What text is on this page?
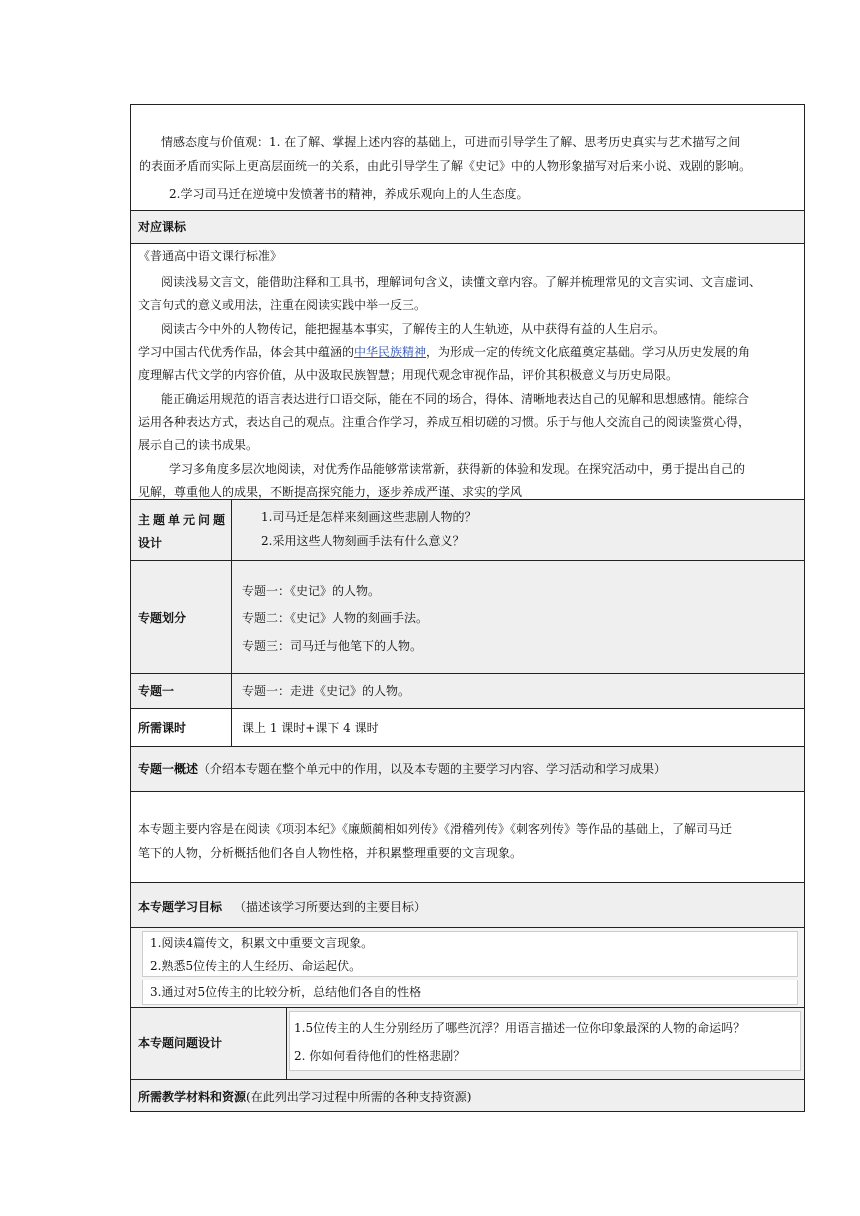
情感态度与价值观：1. 在了解、掌握上述内容的基础上，可进而引导学生了解、思考历史真实与艺术描写之间
的表面矛盾而实际上更高层面统一的关系，由此引导学生了解《史记》中的人物形象描写对后来小说、戏剧的影响。
2.学习司马迁在逆境中发愤著书的精神，养成乐观向上的人生态度。
对应课标
《普通高中语文课行标准》
阅读浅易文言文，能借助注释和工具书，理解词句含义，读懂文章内容。了解并梳理常见的文言实词、文言虚词、
文言句式的意义或用法，注重在阅读实践中举一反三。
阅读古今中外的人物传记，能把握基本事实，了解传主的人生轨迹，从中获得有益的人生启示。
学习中国古代优秀作品，体会其中蕴涵的中华民族精神，为形成一定的传统文化底蕴奠定基础。学习从历史发展的角
度理解古代文学的内容价值，从中汲取民族智慧；用现代观念审视作品，评价其积极意义与历史局限。
能正确运用规范的语言表达进行口语交际，能在不同的场合，得体、清晰地表达自己的见解和思想感情。能综合
运用各种表达方式，表达自己的观点。注重合作学习，养成互相切磋的习惯。乐于与他人交流自己的阅读鉴赏心得，
展示自己的读书成果。
学习多角度多层次地阅读，对优秀作品能够常读常新，获得新的体验和发现。在探究活动中，勇于提出自己的
见解，尊重他人的成果，不断提高探究能力，逐步养成严谨、求实的学风
主题单元问题
设计
1.司马迁是怎样来刻画这些悲剧人物的？
2.采用这些人物刻画手法有什么意义？
专题划分
专题一：《史记》的人物。
专题二：《史记》人物的刻画手法。
专题三：司马迁与他笔下的人物。
专题一	专题一：走进《史记》的人物。
所需课时	课上 1 课时+课下 4 课时
专题一概述（介绍本专题在整个单元中的作用，以及本专题的主要学习内容、学习活动和学习成果）
本专题主要内容是在阅读《项羽本纪》《廉颇蔺相如列传》《滑稽列传》《刺客列传》等作品的基础上，了解司马迁
笔下的人物，分析概括他们各自人物性格，并积累整理重要的文言现象。
本专题学习目标 （描述该学习所要达到的主要目标）
1.阅读4篇传文，积累文中重要文言现象。
2.熟悉5位传主的人生经历、命运起伏。
3.通过对5位传主的比较分析，总结他们各自的性格
本专题问题设计
1.5位传主的人生分别经历了哪些沉浮？用语言描述一位你印象最深的人物的命运吗？
2. 你如何看待他们的性格悲剧？
所需教学材料和资源(在此列出学习过程中所需的各种支持资源)
